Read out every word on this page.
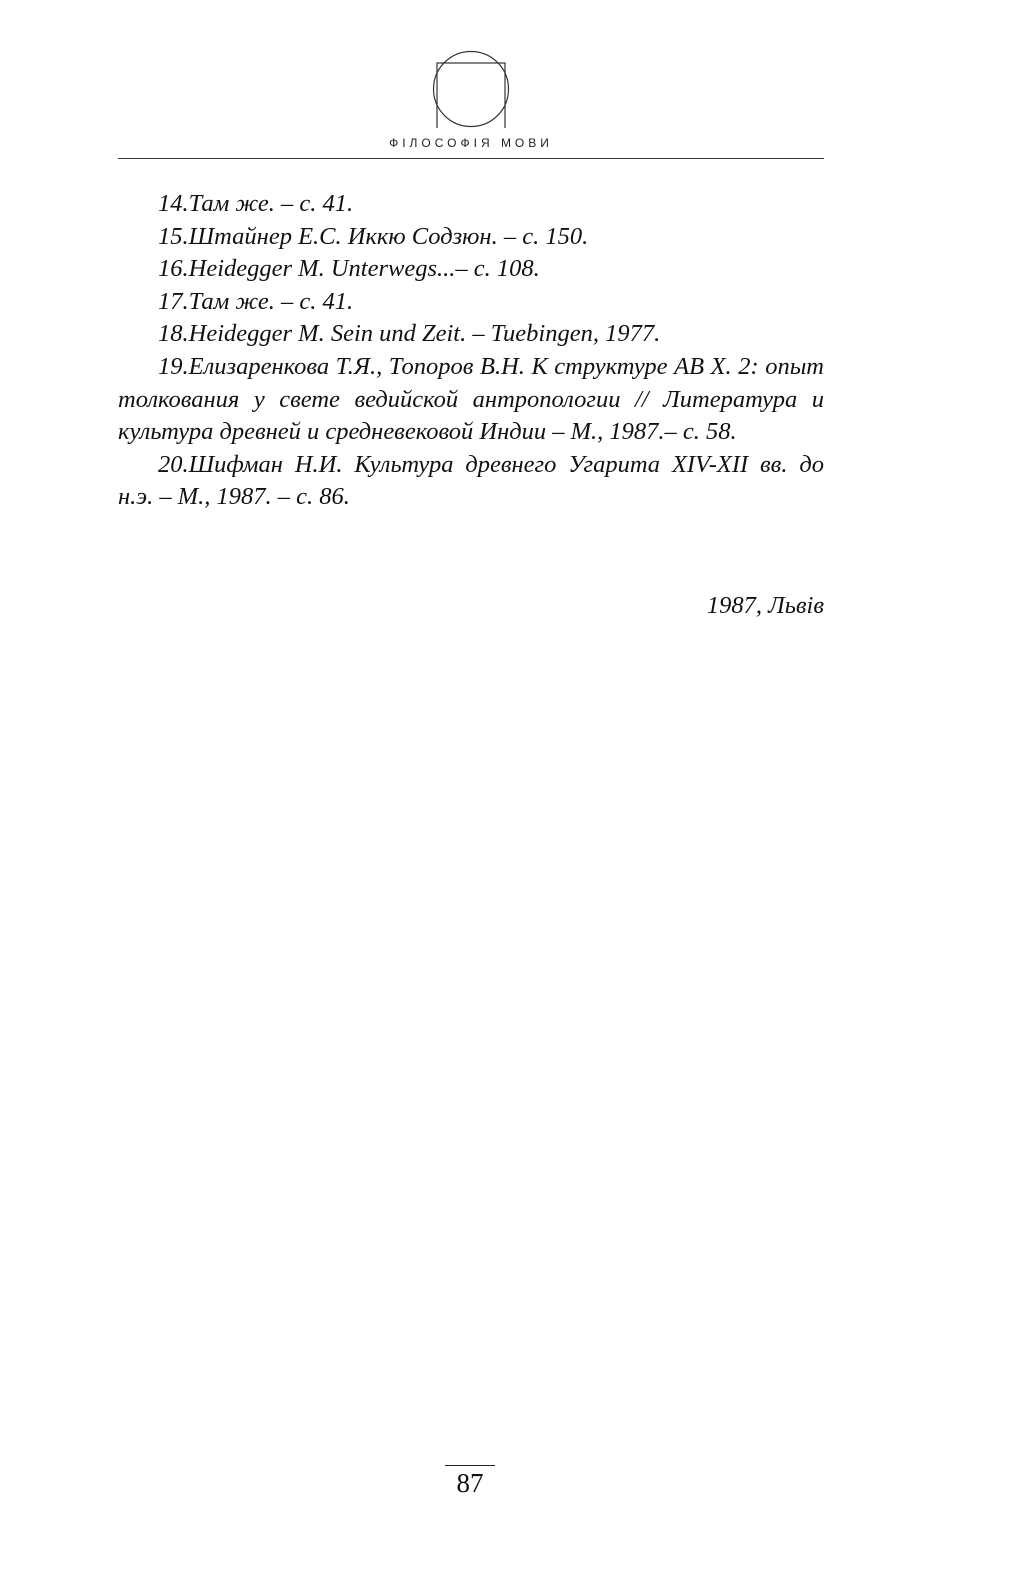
ФІЛОСОФІЯ МОВИ

14.Там же. – с. 41.

15.Штайнер Е.С. Иккю Содзюн. – с. 150.

16.Heidegger M. Unterwegs...– с. 108.

17.Там же. – с. 41.

18.Heidegger M. Sein und Zeit. – Tuebingen, 1977.

19.Елизаренкова Т.Я., Топоров В.Н. К структуре АВ X. 2: опыт толкования у свете ведийской антропологии // Литература и культура древней и средневековой Индии – М., 1987.– с. 58.

20.Шифман Н.И. Культура древнего Угарита XIV-XII вв. до н.э. – М., 1987. – с. 86.

1987, Львів
87
